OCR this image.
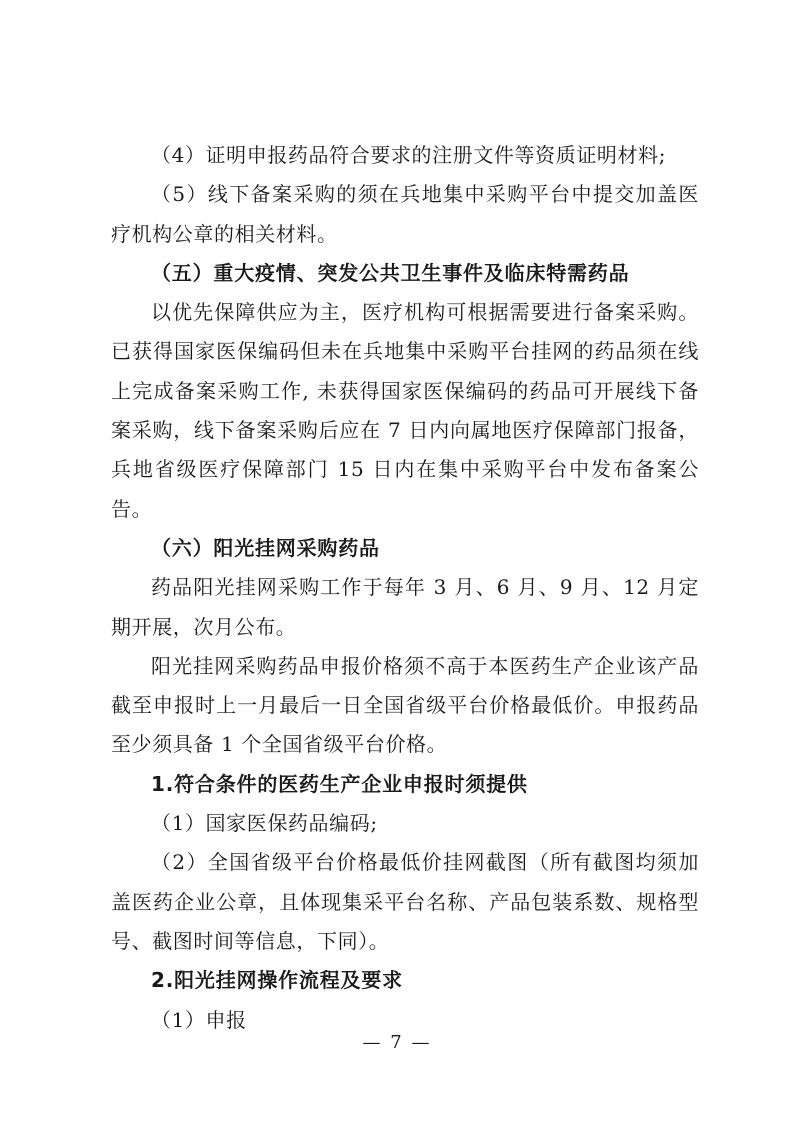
（4）证明申报药品符合要求的注册文件等资质证明材料;

（5）线下备案采购的须在兵地集中采购平台中提交加盖医疗机构公章的相关材料。

（五）重大疫情、突发公共卫生事件及临床特需药品

以优先保障供应为主，医疗机构可根据需要进行备案采购。已获得国家医保编码但未在兵地集中采购平台挂网的药品须在线上完成备案采购工作, 未获得国家医保编码的药品可开展线下备案采购，线下备案采购后应在 7 日内向属地医疗保障部门报备，兵地省级医疗保障部门 15 日内在集中采购平台中发布备案公告。

（六）阳光挂网采购药品

药品阳光挂网采购工作于每年 3 月、6 月、9 月、12 月定期开展，次月公布。

阳光挂网采购药品申报价格须不高于本医药生产企业该产品截至申报时上一月最后一日全国省级平台价格最低价。申报药品至少须具备 1 个全国省级平台价格。

1.符合条件的医药生产企业申报时须提供

（1）国家医保药品编码;

（2）全国省级平台价格最低价挂网截图（所有截图均须加盖医药企业公章，且体现集采平台名称、产品包装系数、规格型号、截图时间等信息，下同）。

2.阳光挂网操作流程及要求

（1）申报

— 7 —
